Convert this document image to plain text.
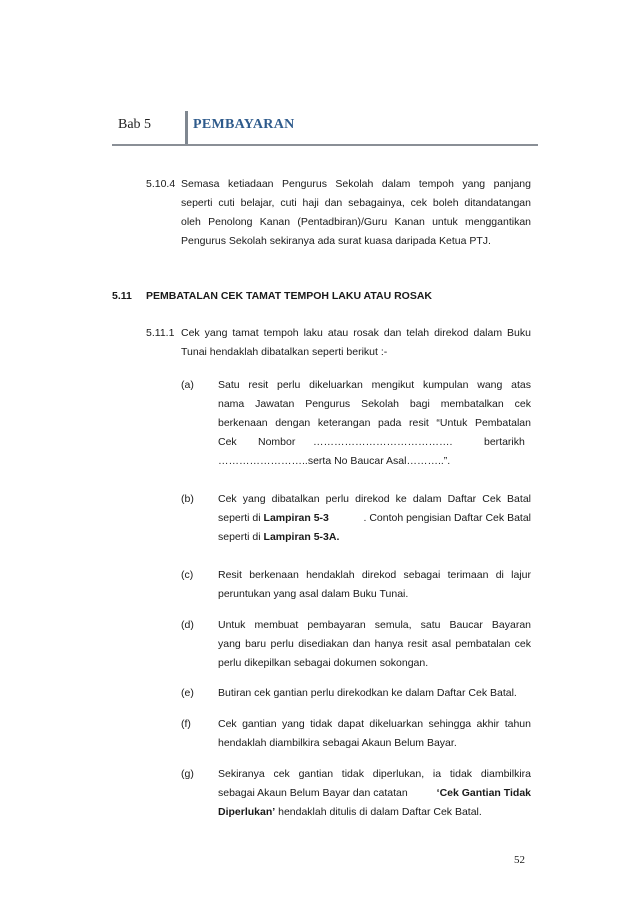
Bab 5	PEMBAYARAN
5.10.4 Semasa ketiadaan Pengurus Sekolah dalam tempoh yang panjang
seperti cuti belajar, cuti haji dan sebagainya, cek boleh ditandatangan
oleh Penolong Kanan (Pentadbiran)/Guru Kanan untuk menggantikan
Pengurus Sekolah sekiranya ada surat kuasa daripada Ketua PTJ.
5.11 PEMBATALAN CEK TAMAT TEMPOH LAKU ATAU ROSAK
5.11.1 Cek yang tamat tempoh laku atau rosak dan telah direkod dalam Buku
Tunai hendaklah dibatalkan seperti berikut :-
(a) Satu resit perlu dikeluarkan mengikut kumpulan wang atas
nama Jawatan Pengurus Sekolah bagi membatalkan cek
berkenaan dengan keterangan pada resit “Untuk Pembatalan
Cek Nombor ………………………………….	bertarikh
……………………..serta No Baucar Asal………..”.
(b) Cek yang dibatalkan perlu direkod ke dalam Daftar Cek Batal
seperti di Lampiran 5-3	. Contoh pengisian Daftar Cek Batal
seperti di Lampiran 5-3A.
(c) Resit berkenaan hendaklah direkod sebagai terimaan di lajur
peruntukan yang asal dalam Buku Tunai.
(d) Untuk membuat pembayaran semula, satu Baucar Bayaran
yang baru perlu disediakan dan hanya resit asal pembatalan cek
perlu dikepilkan sebagai dokumen sokongan.
(e) Butiran cek gantian perlu direkodkan ke dalam Daftar Cek Batal.
(f)	Cek gantian yang tidak dapat dikeluarkan sehingga akhir tahun
hendaklah diambilkira sebagai Akaun Belum Bayar.
(g) Sekiranya cek gantian tidak diperlukan, ia tidak diambilkira
sebagai Akaun Belum Bayar dan catatan	‘Cek Gantian Tidak
Diperlukan’ hendaklah ditulis di dalam Daftar Cek Batal.
52
